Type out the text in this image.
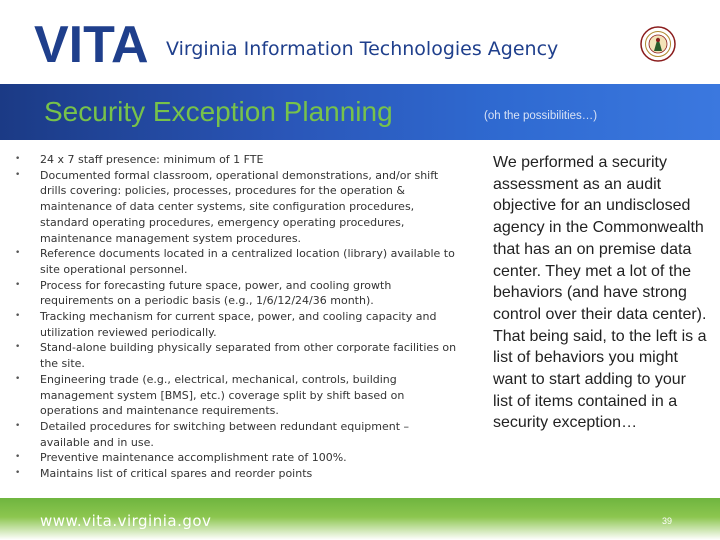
VITA Virginia Information Technologies Agency
Security Exception Planning	(oh the possibilities…)
• 24 x 7 staff presence: minimum of 1 FTE
• Documented formal classroom, operational demonstrations, and/or shift drills covering: policies, processes, procedures for the operation & maintenance of data center systems, site configuration procedures, standard operating procedures, emergency operating procedures, maintenance management system procedures.
• Reference documents located in a centralized location (library) available to site operational personnel.
• Process for forecasting future space, power, and cooling growth requirements on a periodic basis (e.g., 1/6/12/24/36 month).
• Tracking mechanism for current space, power, and cooling capacity and utilization reviewed periodically.
• Stand-alone building physically separated from other corporate facilities on the site.
• Engineering trade (e.g., electrical, mechanical, controls, building management system [BMS], etc.) coverage split by shift based on operations and maintenance requirements.
• Detailed procedures for switching between redundant equipment – available and in use.
• Preventive maintenance accomplishment rate of 100%.
• Maintains list of critical spares and reorder points
We performed a security assessment as an audit objective for an undisclosed agency in the Commonwealth that has an on premise data center. They met a lot of the behaviors (and have strong control over their data center). That being said, to the left is a list of behaviors you might want to start adding to your list of items contained in a security exception…
www.vita.virginia.gov	39
